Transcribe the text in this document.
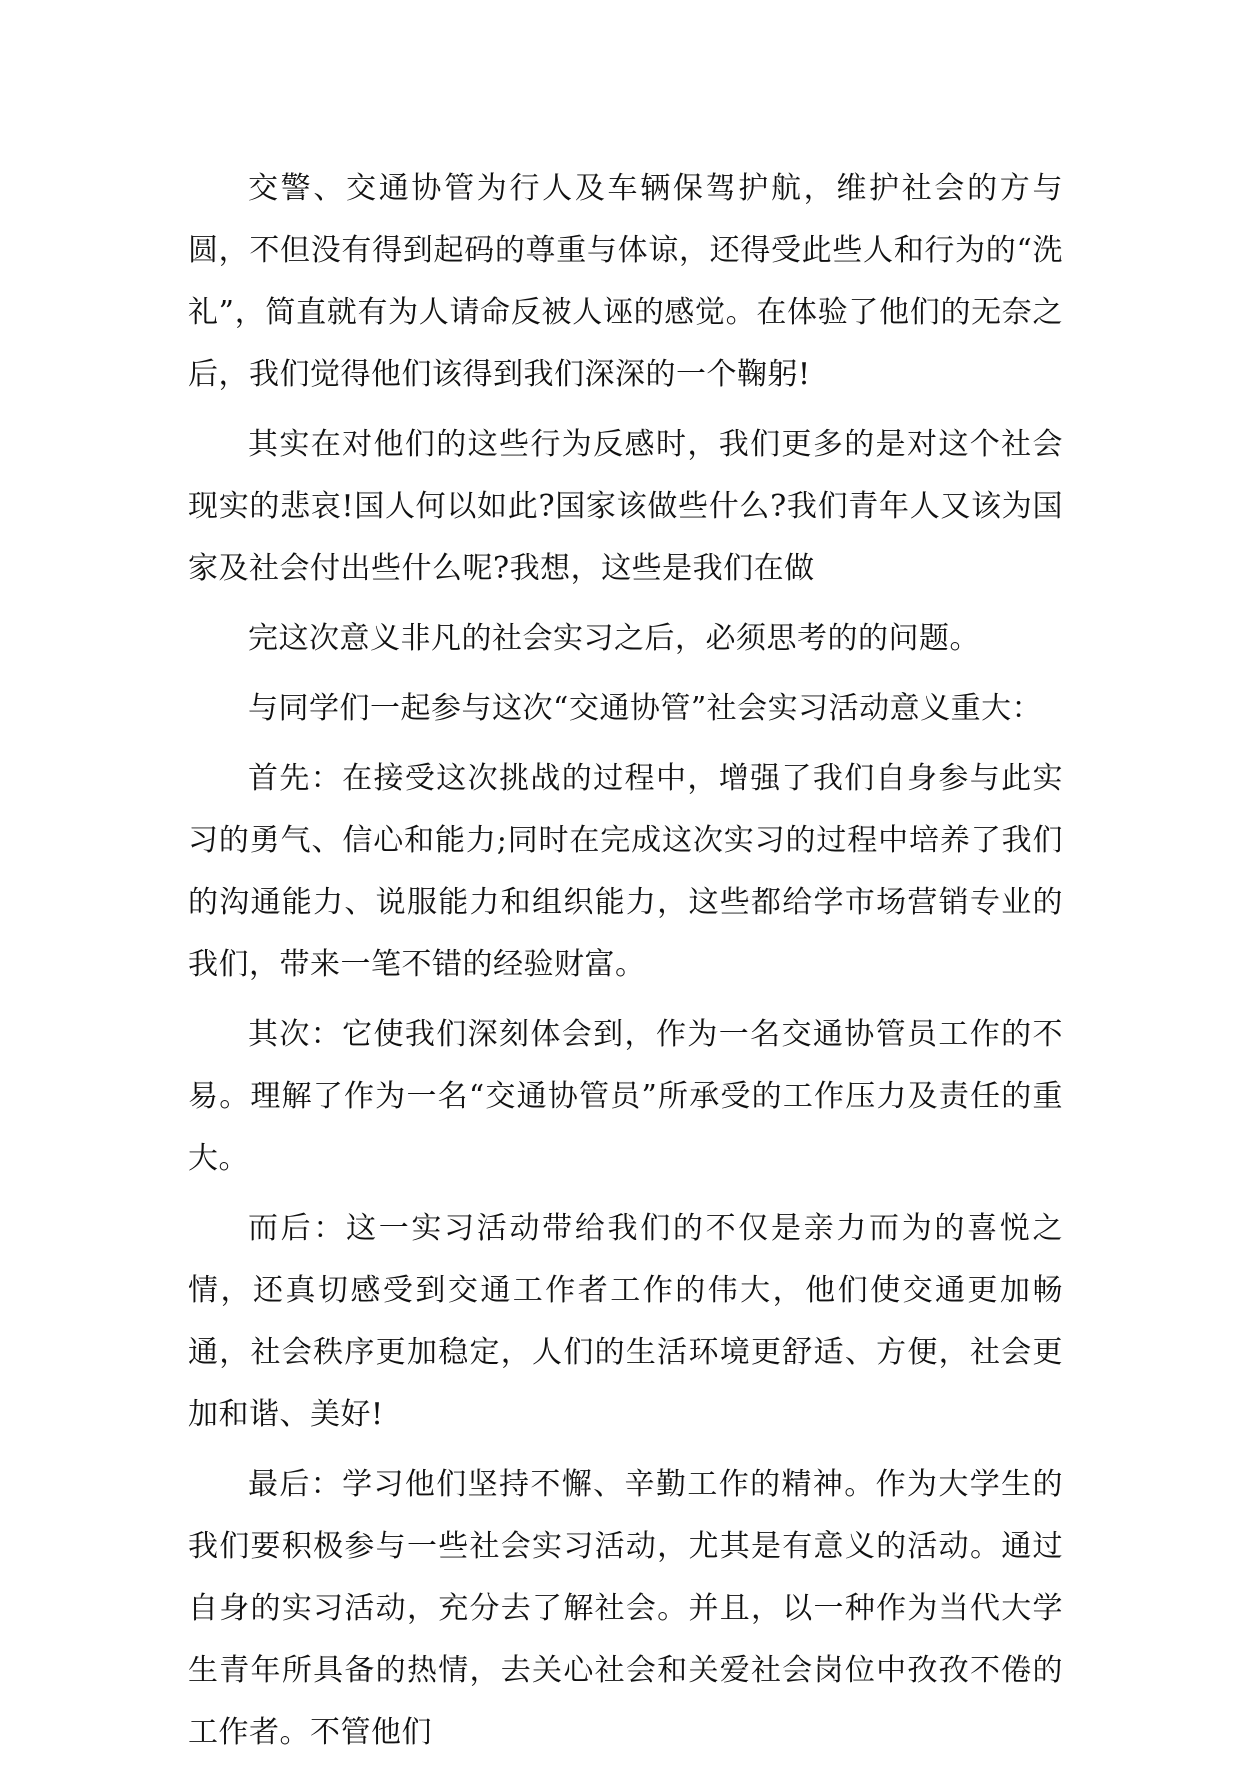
交警、交通协管为行人及车辆保驾护航，维护社会的方与圆，不但没有得到起码的尊重与体谅，还得受此些人和行为的“洗礼”，简直就有为人请命反被人诬的感觉。在体验了他们的无奈之后，我们觉得他们该得到我们深深的一个鞠躬!

其实在对他们的这些行为反感时，我们更多的是对这个社会现实的悲哀!国人何以如此?国家该做些什么?我们青年人又该为国家及社会付出些什么呢?我想，这些是我们在做

完这次意义非凡的社会实习之后，必须思考的的问题。

与同学们一起参与这次“交通协管”社会实习活动意义重大：

首先：在接受这次挑战的过程中，增强了我们自身参与此实习的勇气、信心和能力;同时在完成这次实习的过程中培养了我们的沟通能力、说服能力和组织能力，这些都给学市场营销专业的我们，带来一笔不错的经验财富。

其次：它使我们深刻体会到，作为一名交通协管员工作的不易。理解了作为一名“交通协管员”所承受的工作压力及责任的重大。

而后：这一实习活动带给我们的不仅是亲力而为的喜悦之情，还真切感受到交通工作者工作的伟大，他们使交通更加畅通，社会秩序更加稳定，人们的生活环境更舒适、方便，社会更加和谐、美好!

最后：学习他们坚持不懈、辛勤工作的精神。作为大学生的我们要积极参与一些社会实习活动，尤其是有意义的活动。通过自身的实习活动，充分去了解社会。并且，以一种作为当代大学生青年所具备的热情，去关心社会和关爱社会岗位中孜孜不倦的工作者。不管他们
